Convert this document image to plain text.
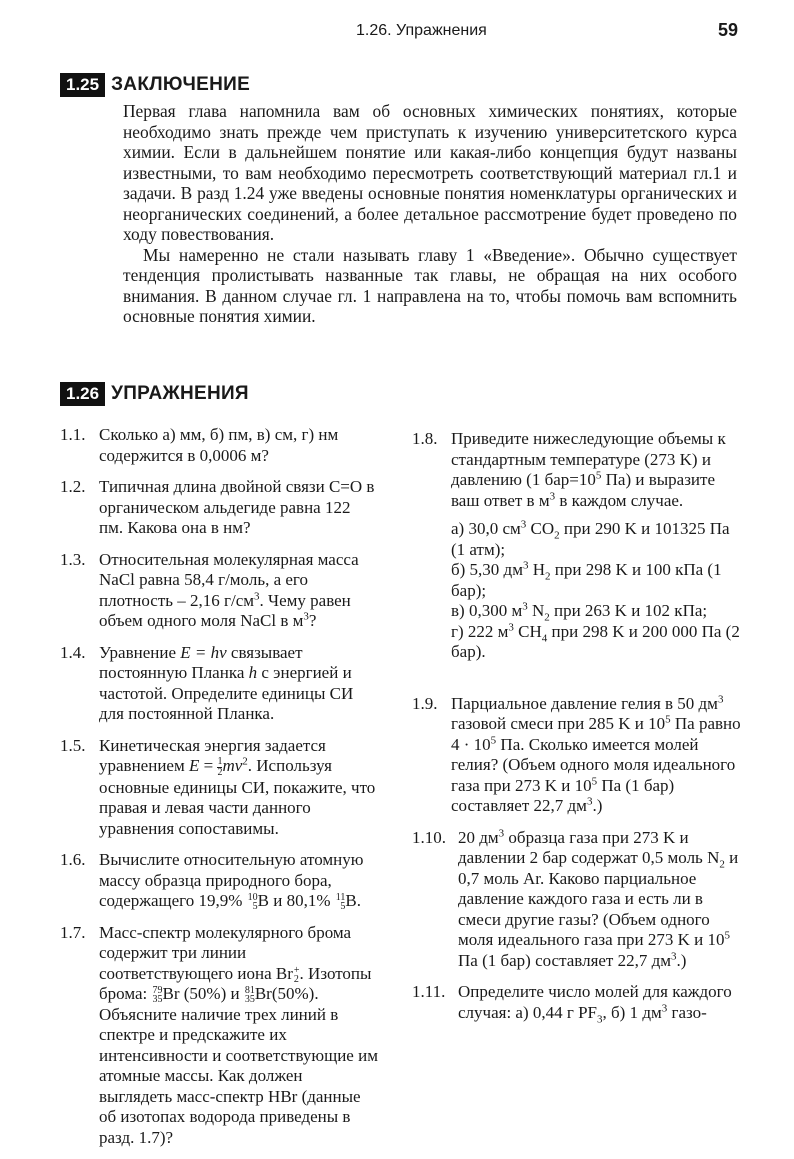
1.26. Упражнения	59
1.25 ЗАКЛЮЧЕНИЕ

Первая глава напомнила вам об основных химических понятиях, которые необходимо знать прежде чем приступать к изучению университетского курса химии. Если в дальнейшем понятие или какая-либо концепция будут названы известными, то вам необходимо пересмотреть соответствующий материал гл.1 и задачи. В разд 1.24 уже введены основные понятия номенклатуры органических и неорганических соединений, а более детальное рассмотрение будет проведено по ходу повествования.

Мы намеренно не стали называть главу 1 «Введение». Обычно существует тенденция пролистывать названные так главы, не обращая на них особого внимания. В данном случае гл. 1 направлена на то, чтобы помочь вам вспомнить основные понятия химии.

1.26 УПРАЖНЕНИЯ
1.1. Сколько а) мм, б) пм, в) см, г) нм содержится в 0,0006 м?
1.2. Типичная длина двойной связи C=O в органическом альдегиде равна 122 пм. Какова она в нм?
1.3. Относительная молекулярная масса NaCl равна 58,4 г/моль, а его плотность – 2,16 $г/см^3$. Чему равен объем одного моля NaCl в $м^3$?
1.4. Уравнение E = hν связывает постоянную Планка h с энергией и частотой. Определите единицы СИ для постоянной Планка.
1.5. Кинетическая энергия задается уравнением $E = \frac{1}{2} mv^2$. Используя основные единицы СИ, покажите, что правая и левая части данного уравнения сопоставимы.
1.6. Вычислите относительную атомную массу образца природного бора, содержащего 19,9% 10
5 B и 80,1% 11
5 B.
1.7. Масс-спектр молекулярного брома содержит три линии соответствующего иона Br +
2 . Изотопы брома: 79
35 Br (50%) и 81
35 Br(50%). Объясните наличие трех линий в спектре и предскажите их интенсивности и соответствующие им атомные массы. Как должен выглядеть масс-спектр HBr (данные об изотопах водорода приведены в разд. 1.7)?
1.8. Приведите нижеследующие объемы к стандартным температуре (273 K) и давлению (1 $бар=10^5$ Па) и выразите ваш ответ в $м^3$ в каждом случае.
а) 30,0 $см^3$ $CO_2$ при 290 K и 101325 Па (1 атм);
б) 5,30 $дм^3$ $H_2$ при 298 K и 100 кПа (1 бар);
в) 0,300 $м^3$ $N_2$ при 263 K и 102 кПа;
г) 222 $м^3$ $CH_4$ при 298 K и 200 000 Па (2 бар).
1.9. Парциальное давление гелия в 50 $дм^3$ газовой смеси при 285 K и $10^5$ Па равно $4 \cdot 10^5$ Па. Сколько имеется молей гелия? (Объем одного моля идеального газа при 273 K и $10^5$ Па (1 бар) составляет 22,7 $дм^3$.)
1.10. 20 $дм^3$ образца газа при 273 K и давлении 2 бар содержат 0,5 моль $N_2$ и 0,7 моль Ar. Каково парциальное давление каждого газа и есть ли в смеси другие газы? (Объем одного моля идеального газа при 273 K и $10^5$ Па (1 бар) составляет 22,7 $дм^3$.)
1.11. Определите число молей для каждого случая: а) 0,44 г $PF_3$, б) 1 $дм^3$ газо-
